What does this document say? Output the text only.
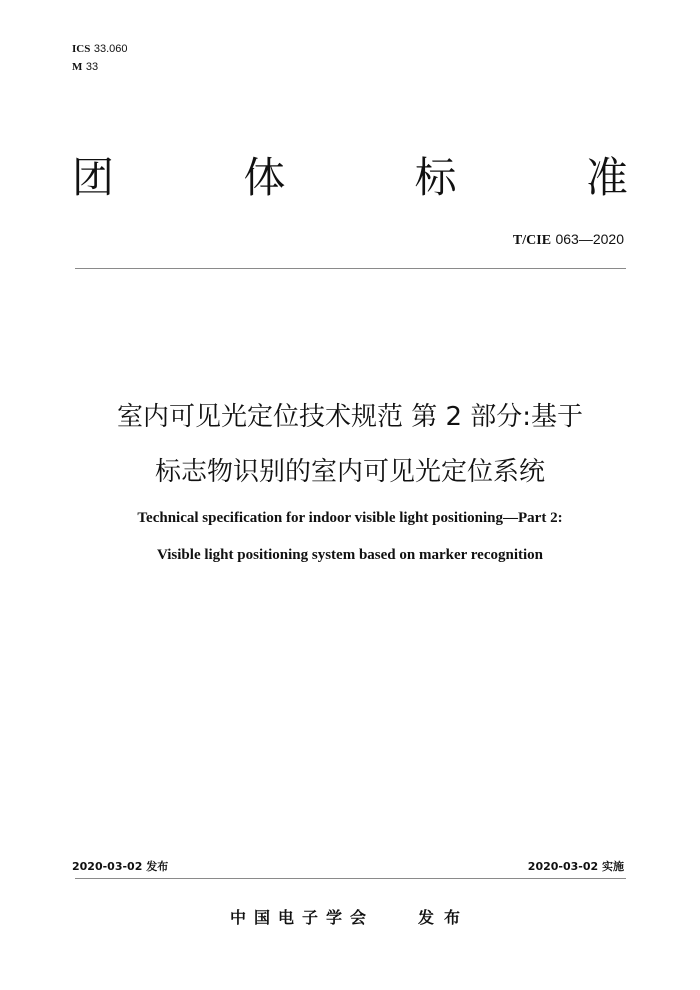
ICS 33.060
M 33
团	体	标	准
T/CIE 063—2020
室内可见光定位技术规范 第 2 部分:基于
标志物识别的室内可见光定位系统
Technical specification for indoor visible light positioning—Part 2:
Visible light positioning system based on marker recognition
2020-03-02 发布	2020-03-02 实施
中国电子学会	发布
